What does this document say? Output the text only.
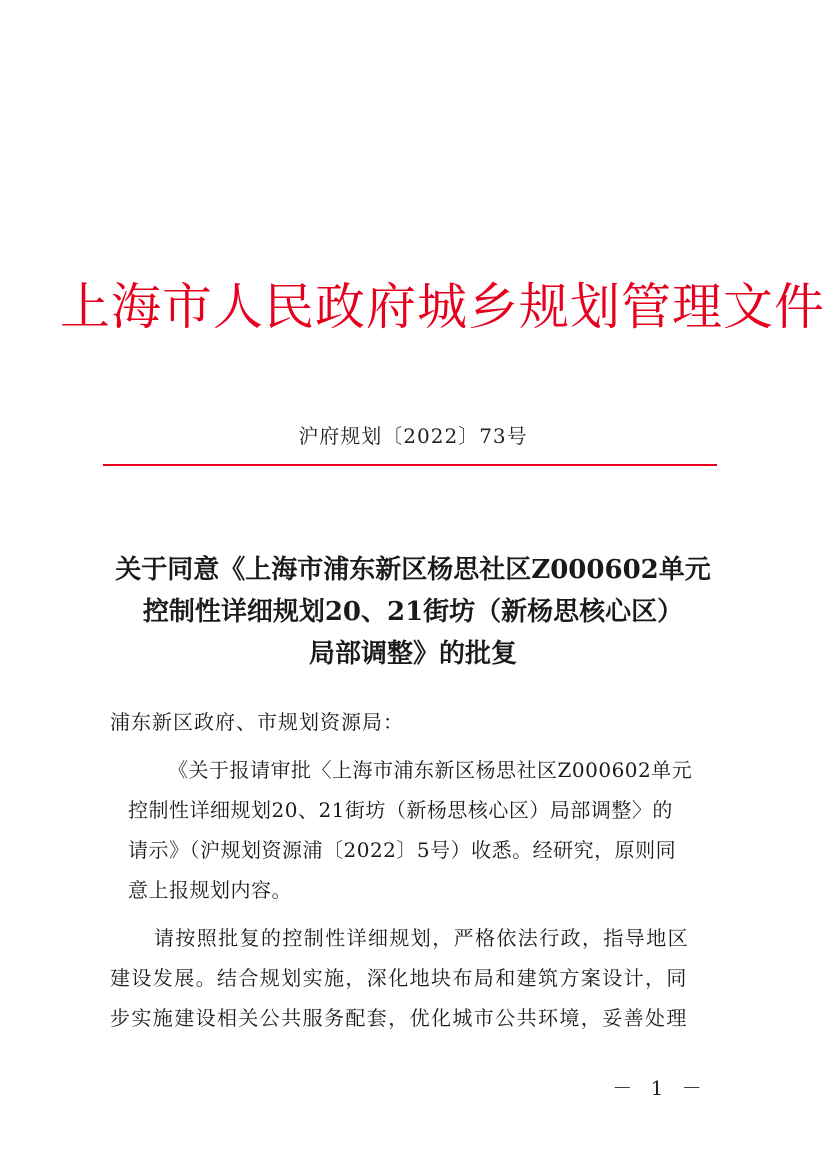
上海市人民政府城乡规划管理文件
沪府规划〔2022〕73号
关于同意《上海市浦东新区杨思社区Z000602单元
控制性详细规划20、21街坊（新杨思核心区）
局部调整》的批复
浦东新区政府、市规划资源局：
《关于报请审批〈上海市浦东新区杨思社区Z000602单元
控制性详细规划20、21街坊（新杨思核心区）局部调整〉的
请示》（沪规划资源浦〔2022〕5号）收悉。经研究，原则同
意上报规划内容。
请按照批复的控制性详细规划，严格依法行政，指导地区
建设发展。结合规划实施，深化地块布局和建筑方案设计，同
步实施建设相关公共服务配套，优化城市公共环境，妥善处理
－ 1 －
